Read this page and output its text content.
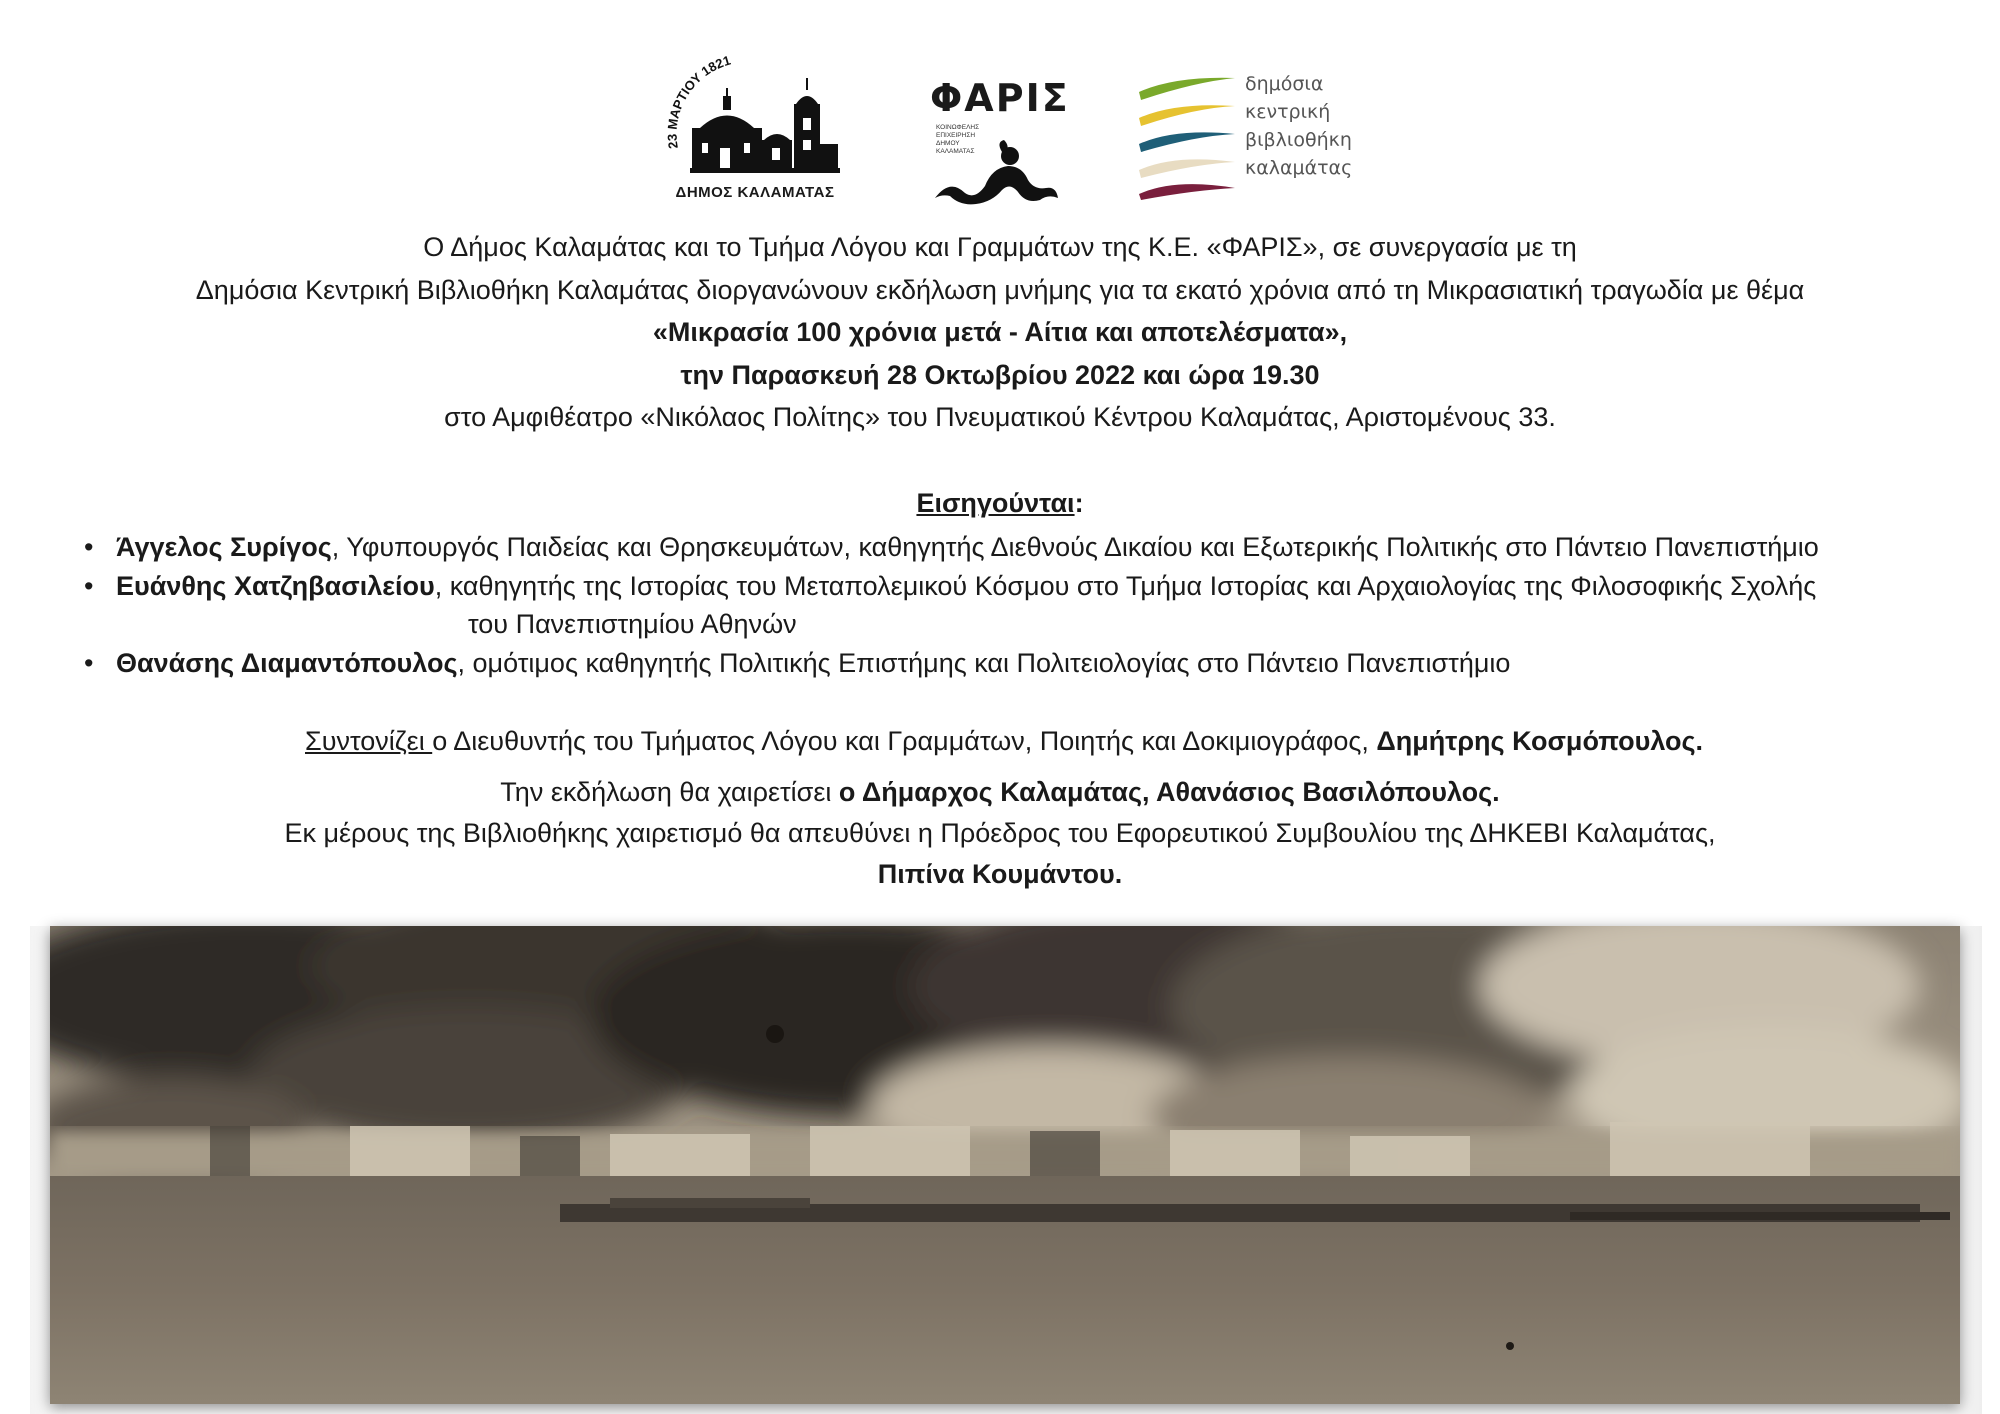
23 ΜΑΡΤΙΟΥ 1821
ΔΗΜΟΣ ΚΑΛΑΜΑΤΑΣ
ΦΑΡΙΣ
ΚΟΙΝΩΦΕΛΗΣ
ΕΠΙΧΕΙΡΗΣΗ
ΔΗΜΟΥ
ΚΑΛΑΜΑΤΑΣ
δημόσια
κεντρική
βιβλιοθήκη
καλαμάτας
Ο Δήμος Καλαμάτας και το Τμήμα Λόγου και Γραμμάτων της Κ.Ε. «ΦΑΡΙΣ», σε συνεργασία με τη
Δημόσια Κεντρική Βιβλιοθήκη Καλαμάτας διοργανώνουν εκδήλωση μνήμης για τα εκατό χρόνια από τη Μικρασιατική τραγωδία με θέμα
«Μικρασία 100 χρόνια μετά - Αίτια και αποτελέσματα»,
την Παρασκευή 28 Οκτωβρίου 2022 και ώρα 19.30
στο Αμφιθέατρο «Νικόλαος Πολίτης» του Πνευματικού Κέντρου Καλαμάτας, Αριστομένους 33.
Εισηγούνται:
• Άγγελος Συρίγος, Υφυπουργός Παιδείας και Θρησκευμάτων, καθηγητής Διεθνούς Δικαίου και Εξωτερικής Πολιτικής στο Πάντειο Πανεπιστήμιο
• Ευάνθης Χατζηβασιλείου, καθηγητής της Ιστορίας του Μεταπολεμικού Κόσμου στο Τμήμα Ιστορίας και Αρχαιολογίας της Φιλοσοφικής Σχολής
του Πανεπιστημίου Αθηνών
• Θανάσης Διαμαντόπουλος, ομότιμος καθηγητής Πολιτικής Επιστήμης και Πολιτειολογίας στο Πάντειο Πανεπιστήμιο
Συντονίζει ο Διευθυντής του Τμήματος Λόγου και Γραμμάτων, Ποιητής και Δοκιμιογράφος, Δημήτρης Κοσμόπουλος.
Την εκδήλωση θα χαιρετίσει ο Δήμαρχος Καλαμάτας, Αθανάσιος Βασιλόπουλος.
Εκ μέρους της Βιβλιοθήκης χαιρετισμό θα απευθύνει η Πρόεδρος του Εφορευτικού Συμβουλίου της ΔΗΚΕΒΙ Καλαμάτας,
Πιπίνα Κουμάντου.
